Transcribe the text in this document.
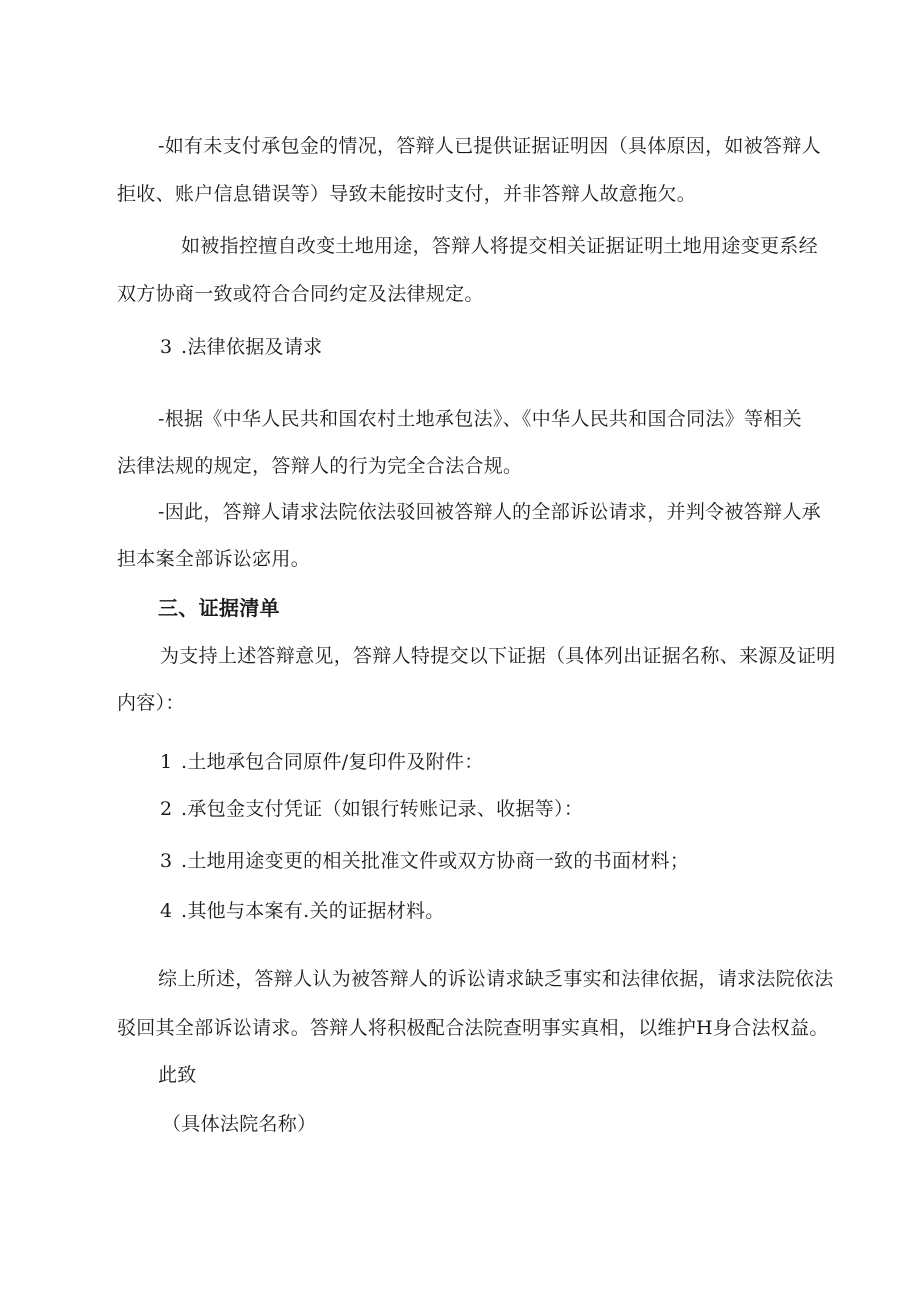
-如有未支付承包金的情况，答辩人已提供证据证明因（具体原因，如被答辩人
拒收、账户信息错误等）导致未能按时支付，并非答辩人故意拖欠。
如被指控擅自改变土地用途，答辩人将提交相关证据证明土地用途变更系经
双方协商一致或符合合同约定及法律规定。
3 .法律依据及请求
-根据《中华人民共和国农村土地承包法》、《中华人民共和国合同法》等相关
法律法规的规定，答辩人的行为完全合法合规。
-因此，答辩人请求法院依法驳回被答辩人的全部诉讼请求，并判令被答辩人承
担本案全部诉讼宓用。
三、证据清单
为支持上述答辩意见，答辩人特提交以下证据（具体列出证据名称、来源及证明
内容）：
1 .土地承包合同原件/复印件及附件：
2 .承包金支付凭证（如银行转账记录、收据等）：
3 .土地用途变更的相关批准文件或双方协商一致的书面材料；
4 .其他与本案有.关的证据材料。
综上所述，答辩人认为被答辩人的诉讼请求缺乏事实和法律依据，请求法院依法
驳回其全部诉讼请求。答辩人将积极配合法院查明事实真相，以维护H身合法权益。
此致
（具体法院名称）
